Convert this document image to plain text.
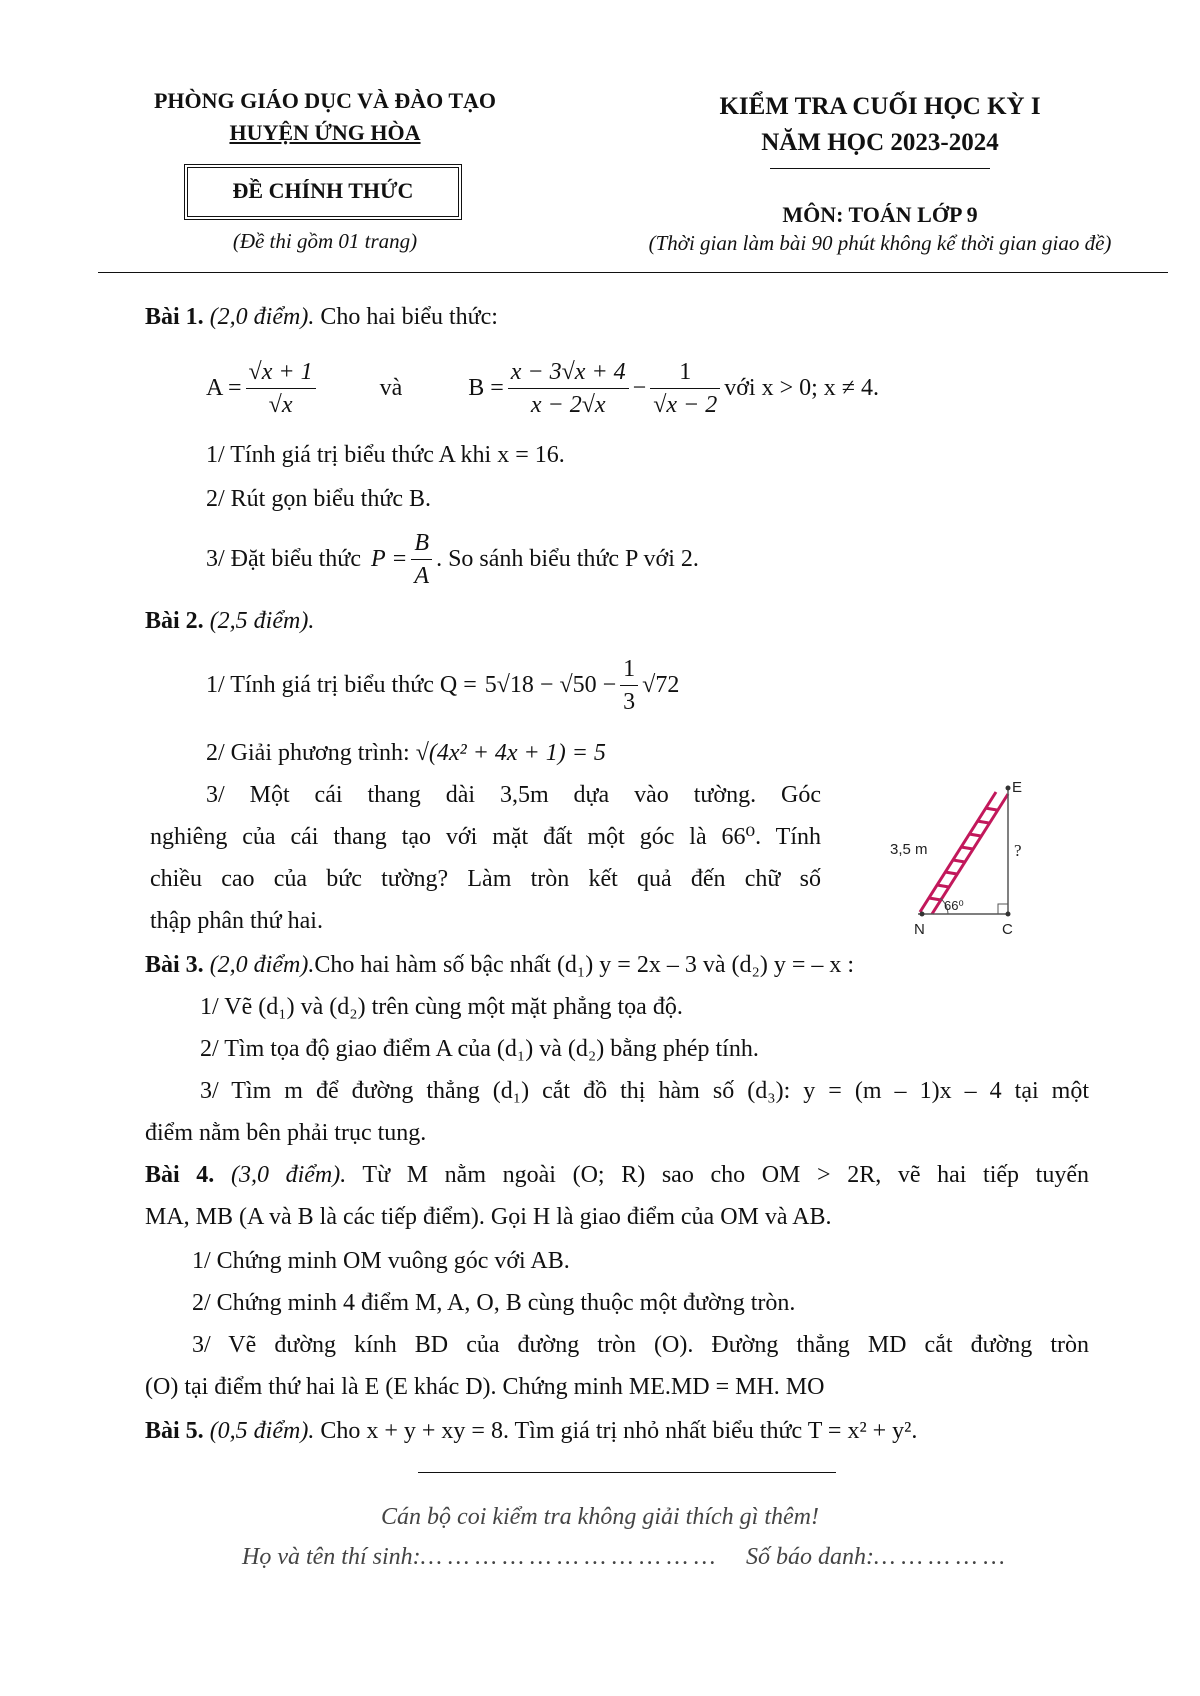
PHÒNG GIÁO DỤC VÀ ĐÀO TẠO
HUYỆN ỨNG HÒA
ĐỀ CHÍNH THỨC
(Đề thi gồm 01 trang)
KIỂM TRA CUỐI HỌC KỲ I
NĂM HỌC 2023-2024
MÔN: TOÁN LỚP 9
(Thời gian làm bài 90 phút không kể thời gian giao đề)
Bài 1. (2,0 điểm). Cho hai biểu thức:
$A = \frac{√x + 1}{√x}$	và	$B = \frac{x - 3√x + 4}{x - 2√x} - \frac{1}{√x - 2}$ với x > 0; x ≠ 4.
1/ Tính giá trị biểu thức A khi x = 16.
2/ Rút gọn biểu thức B.
3/ Đặt biểu thức $P = \frac{B}{A}$ . So sánh biểu thức P với 2.
Bài 2. (2,5 điểm).
1/ Tính giá trị biểu thức $Q = 5√18 - √50 - \frac{1}{3} √72$
2/ Giải phương trình: √(4x² + 4x + 1) = 5
3/ Một cái thang dài 3,5m dựa vào tường. Góc
nghiêng của cái thang tạo với mặt đất một góc là 66⁰. Tính
chiều cao của bức tường? Làm tròn kết quả đến chữ số
thập phân thứ hai.
E
N	C
3,5 m	?
66⁰
Bài 3. (2,0 điểm).Cho hai hàm số bậc nhất (d₁) y = 2x – 3 và (d₂) y = – x :
1/ Vẽ (d₁) và (d₂) trên cùng một mặt phẳng tọa độ.
2/ Tìm tọa độ giao điểm A của (d₁) và (d₂) bằng phép tính.
3/ Tìm m để đường thẳng (d₁) cắt đồ thị hàm số (d₃): y = (m – 1)x – 4 tại một
điểm nằm bên phải trục tung.
Bài 4. (3,0 điểm). Từ M nằm ngoài (O; R) sao cho OM > 2R, vẽ hai tiếp tuyến
MA, MB (A và B là các tiếp điểm). Gọi H là giao điểm của OM và AB.
1/ Chứng minh OM vuông góc với AB.
2/ Chứng minh 4 điểm M, A, O, B cùng thuộc một đường tròn.
3/ Vẽ đường kính BD của đường tròn (O). Đường thẳng MD cắt đường tròn
(O) tại điểm thứ hai là E (E khác D). Chứng minh ME.MD = MH. MO
Bài 5. (0,5 điểm). Cho x + y + xy = 8. Tìm giá trị nhỏ nhất biểu thức T = x² + y².
Cán bộ coi kiểm tra không giải thích gì thêm!
Họ và tên thí sinh:… … … … … … … … … … … Số báo danh:… … … … …
